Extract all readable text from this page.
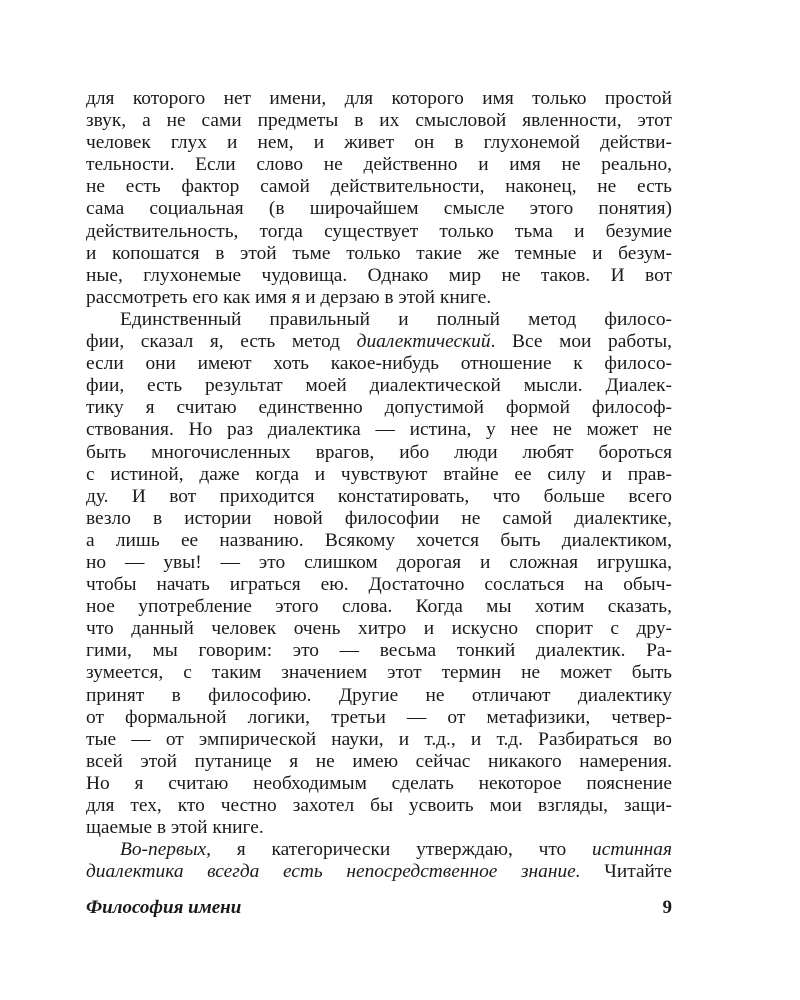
для которого нет имени, для которого имя только простой
звук, а не сами предметы в их смысловой явленности, этот
человек глух и нем, и живет он в глухонемой действи-
тельности. Если слово не действенно и имя не реально,
не есть фактор самой действительности, наконец, не есть
сама социальная (в широчайшем смысле этого понятия)
действительность, тогда существует только тьма и безумие
и копошатся в этой тьме только такие же темные и безум-
ные, глухонемые чудовища. Однако мир не таков. И вот
рассмотреть его как имя я и дерзаю в этой книге.
Единственный правильный и полный метод филосо-
фии, сказал я, есть метод диалектический. Все мои работы,
если они имеют хоть какое-нибудь отношение к филосо-
фии, есть результат моей диалектической мысли. Диалек-
тику я считаю единственно допустимой формой философ-
ствования. Но раз диалектика — истина, у нее не может не
быть многочисленных врагов, ибо люди любят бороться
с истиной, даже когда и чувствуют втайне ее силу и прав-
ду. И вот приходится констатировать, что больше всего
везло в истории новой философии не самой диалектике,
а лишь ее названию. Всякому хочется быть диалектиком,
но — увы! — это слишком дорогая и сложная игрушка,
чтобы начать играться ею. Достаточно сослаться на обыч-
ное употребление этого слова. Когда мы хотим сказать,
что данный человек очень хитро и искусно спорит с дру-
гими, мы говорим: это — весьма тонкий диалектик. Ра-
зумеется, с таким значением этот термин не может быть
принят в философию. Другие не отличают диалектику
от формальной логики, третьи — от метафизики, четвер-
тые — от эмпирической науки, и т.д., и т.д. Разбираться во
всей этой путанице я не имею сейчас никакого намерения.
Но я считаю необходимым сделать некоторое пояснение
для тех, кто честно захотел бы усвоить мои взгляды, защи-
щаемые в этой книге.
Во-первых, я категорически утверждаю, что истинная
диалектика всегда есть непосредственное знание. Читайте
Философия имени	9
